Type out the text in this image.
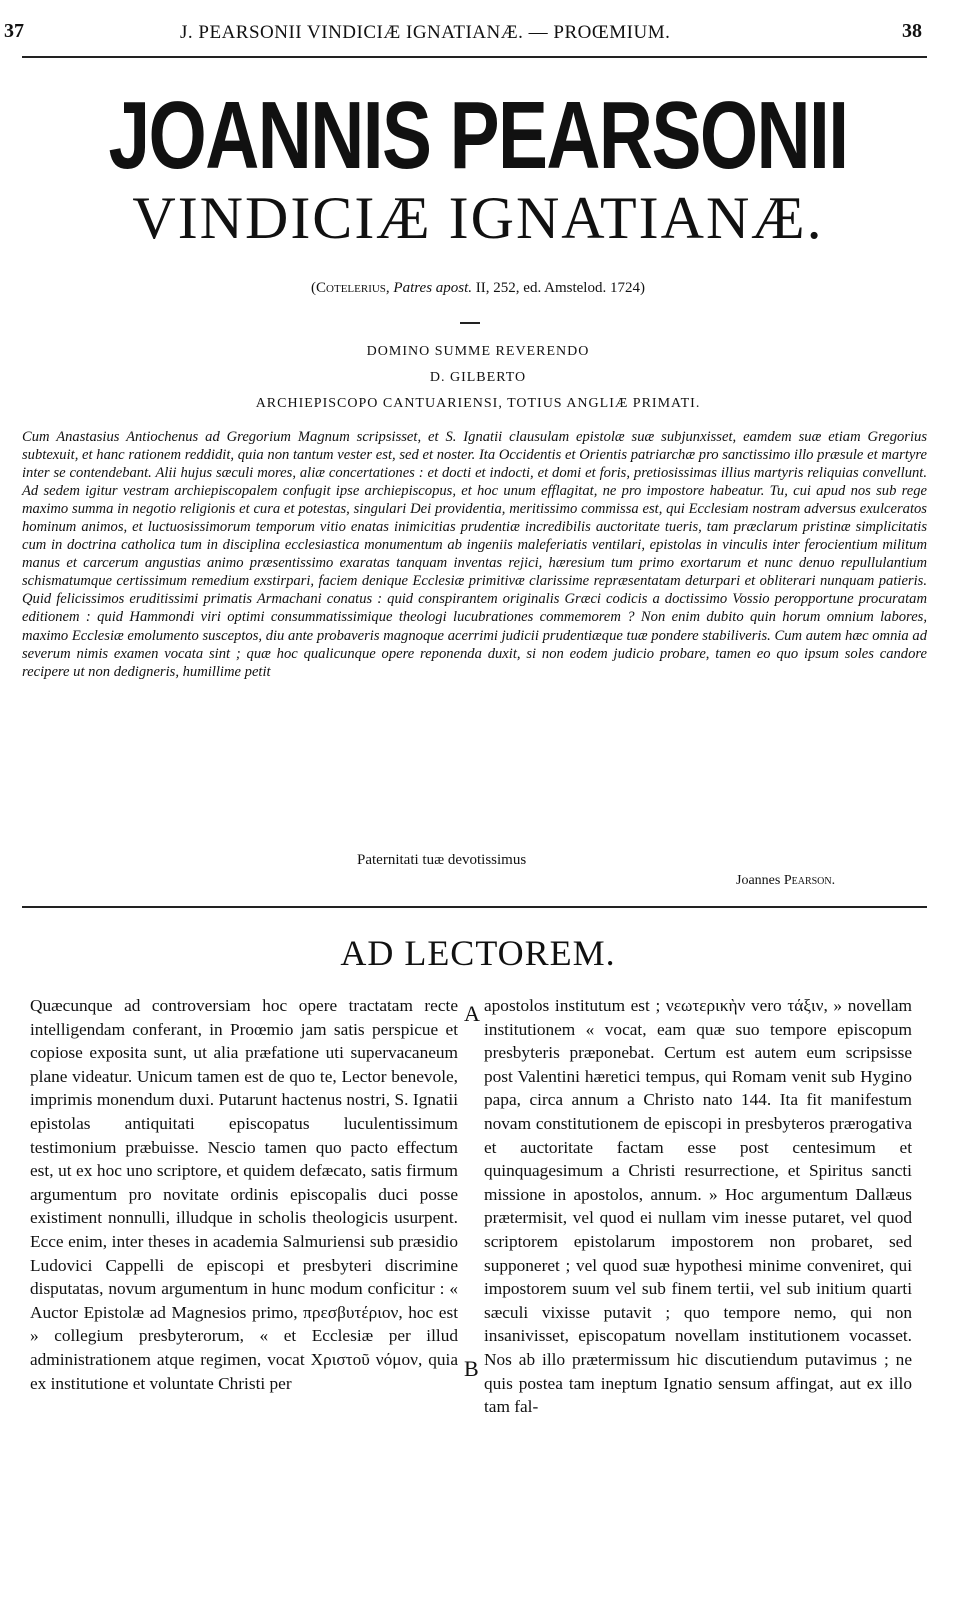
37	J. PEARSONII VINDICIÆ IGNATIANÆ. — PROŒMIUM.	38
JOANNIS PEARSONII
VINDICIÆ IGNATIANÆ.
(Cotelerius, Patres apost. II, 252, ed. Amstelod. 1724)
DOMINO SUMME REVERENDO
D. GILBERTO
ARCHIEPISCOPO CANTUARIENSI, TOTIUS ANGLIÆ PRIMATI.
Cum Anastasius Antiochenus ad Gregorium Magnum scripsisset, et S. Ignatii clausulam epistolæ suæ subjunxisset, eamdem suæ etiam Gregorius subtexuit, et hanc rationem reddidit, quia non tantum vester est, sed et noster. Ita Occidentis et Orientis patriarchæ pro sanctissimo illo præsule et martyre inter se contendebant. Alii hujus sæculi mores, aliæ concertationes : et docti et indocti, et domi et foris, pretiosissimas illius martyris reliquias convellunt. Ad sedem igitur vestram archiepiscopalem confugit ipse archiepiscopus, et hoc unum efflagitat, ne pro impostore habeatur. Tu, cui apud nos sub rege maximo summa in negotio religionis et cura et potestas, singulari Dei providentia, meritissimo commissa est, qui Ecclesiam nostram adversus exulceratos hominum animos, et luctuosissimorum temporum vitio enatas inimicitias prudentiæ incredibilis auctoritate tueris, tam præclarum pristinæ simplicitatis cum in doctrina catholica tum in disciplina ecclesiastica monumentum ab ingeniis maleferiatis ventilari, epistolas in vinculis inter ferocientium militum manus et carcerum angustias animo præsentissimo exaratas tanquam inventas rejici, hæresium tum primo exortarum et nunc denuo repullulantium schismatumque certissimum remedium exstirpari, faciem denique Ecclesiæ primitivæ clarissime repræsentatam deturpari et obliterari nunquam patieris. Quid felicissimos eruditissimi primatis Armachani conatus : quid conspirantem originalis Græci codicis a doctissimo Vossio peropportune procuratam editionem : quid Hammondi viri optimi consummatissimique theologi lucubrationes commemorem ? Non enim dubito quin horum omnium labores, maximo Ecclesiæ emolumento susceptos, diu ante probaveris magnoque acerrimi judicii prudentiæque tuæ pondere stabiliveris. Cum autem hæc omnia ad severum nimis examen vocata sint ; quæ hoc qualicunque opere reponenda duxit, si non eodem judicio probare, tamen eo quo ipsum soles candore recipere ut non dedigneris, humillime petit
Paternitati tuæ devotissimus
Joannes Pearson.
AD LECTOREM.
Quæcunque ad controversiam hoc opere tractatam recte intelligendam conferant, in Proœmio jam satis perspicue et copiose exposita sunt, ut alia præfatione uti supervacaneum plane videatur. Unicum tamen est de quo te, Lector benevole, imprimis monendum duxi. Putarunt hactenus nostri, S. Ignatii epistolas antiquitati episcopatus luculentissimum testimonium præbuisse. Nescio tamen quo pacto effectum est, ut ex hoc uno scriptore, et quidem defæcato, satis firmum argumentum pro novitate ordinis episcopalis duci posse existiment nonnulli, illudque in scholis theologicis usurpent. Ecce enim, inter theses in academia Salmuriensi sub præsidio Ludovici Cappelli de episcopi et presbyteri discrimine disputatas, novum argumentum in hunc modum conficitur : « Auctor Epistolæ ad Magnesios primo, πρεσβυτέριον, hoc est » collegium presbyterorum, « et Ecclesiæ per illud administrationem atque regimen, vocat Χριστοῦ νόμον, quia ex institutione et voluntate Christi per
A
B
apostolos institutum est ; νεωτερικὴν vero τάξιν, » novellam institutionem « vocat, eam quæ suo tempore episcopum presbyteris præponebat. Certum est autem eum scripsisse post Valentini hæretici tempus, qui Romam venit sub Hygino papa, circa annum a Christo nato 144. Ita fit manifestum novam constitutionem de episcopi in presbyteros prærogativa et auctoritate factam esse post centesimum et quinquagesimum a Christi resurrectione, et Spiritus sancti missione in apostolos, annum. » Hoc argumentum Dallæus prætermisit, vel quod ei nullam vim inesse putaret, vel quod scriptorem epistolarum impostorem non probaret, sed supponeret ; vel quod suæ hypothesi minime conveniret, qui impostorem suum vel sub finem tertii, vel sub initium quarti sæculi vixisse putavit ; quo tempore nemo, qui non insanivisset, episcopatum novellam institutionem vocasset. Nos ab illo prætermissum hic discutiendum putavimus ; ne quis postea tam ineptum Ignatio sensum affingat, aut ex illo tam fal-
